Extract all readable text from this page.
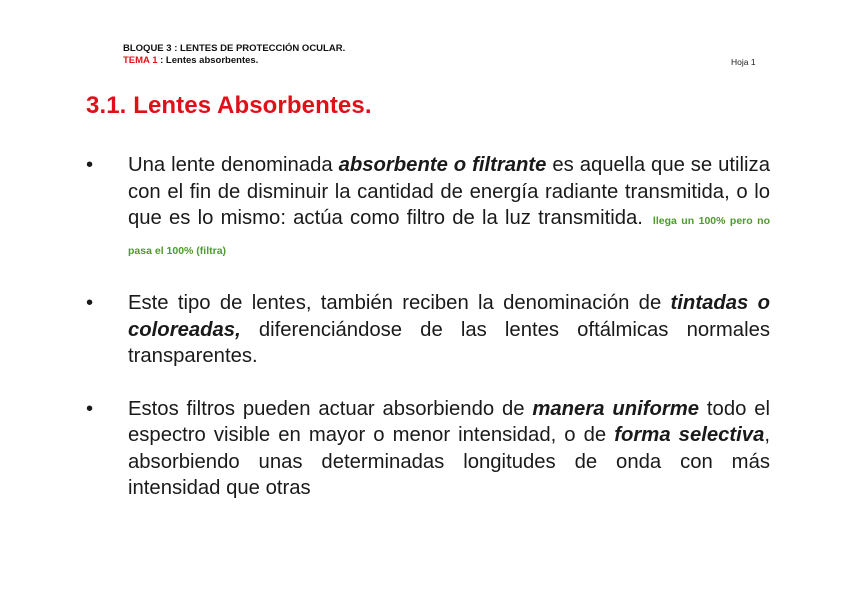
BLOQUE 3 : LENTES DE PROTECCIÓN OCULAR.
TEMA 1 : Lentes absorbentes.	Hoja 1
3.1. Lentes Absorbentes.
• Una lente denominada absorbente o filtrante es aquella que se utiliza con el fin de disminuir la cantidad de energía radiante transmitida, o lo que es lo mismo: actúa como filtro de la luz transmitida. llega un 100% pero no pasa el 100% (filtra)
• Este tipo de lentes, también reciben la denominación de tintadas o coloreadas, diferenciándose de las lentes oftálmicas normales transparentes.
• Estos filtros pueden actuar absorbiendo de manera uniforme todo el espectro visible en mayor o menor intensidad, o de forma selectiva, absorbiendo unas determinadas longitudes de onda con más intensidad que otras
